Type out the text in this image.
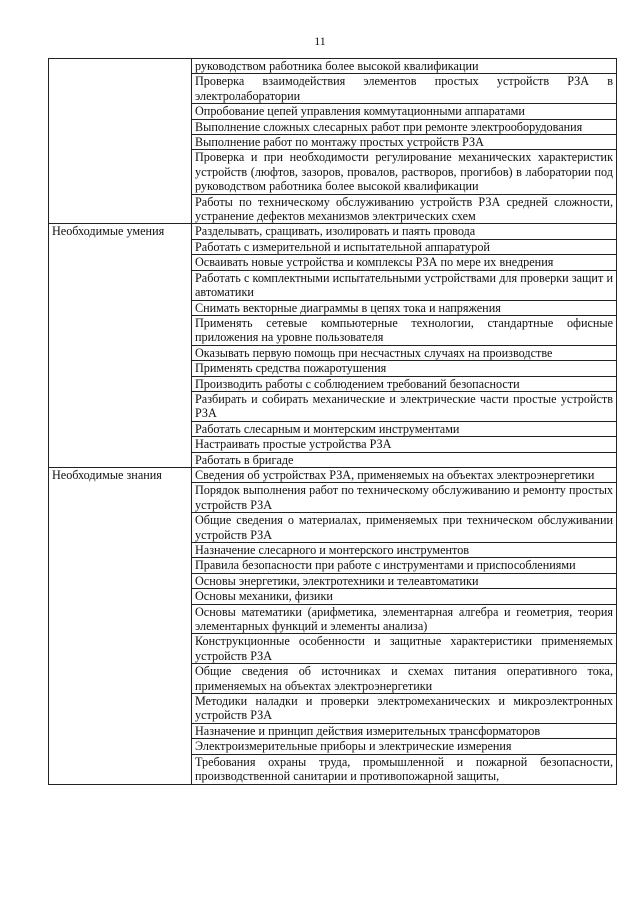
11
	руководством работника более высокой квалификации
	Проверка взаимодействия элементов простых устройств РЗА в электролаборатории
	Опробование цепей управления коммутационными аппаратами
	Выполнение сложных слесарных работ при ремонте электрооборудования
	Выполнение работ по монтажу простых устройств РЗА
	Проверка и при необходимости регулирование механических характеристик устройств (люфтов, зазоров, провалов, растворов, прогибов) в лаборатории под руководством работника более высокой квалификации
	Работы по техническому обслуживанию устройств РЗА средней сложности, устранение дефектов механизмов электрических схем
Необходимые умения	Разделывать, сращивать, изолировать и паять провода
	Работать с измерительной и испытательной аппаратурой
	Осваивать новые устройства и комплексы РЗА по мере их внедрения
	Работать с комплектными испытательными устройствами для проверки защит и автоматики
	Снимать векторные диаграммы в цепях тока и напряжения
	Применять сетевые компьютерные технологии, стандартные офисные приложения на уровне пользователя
	Оказывать первую помощь при несчастных случаях на производстве
	Применять средства пожаротушения
	Производить работы с соблюдением требований безопасности
	Разбирать и собирать механические и электрические части простые устройств РЗА
	Работать слесарным и монтерским инструментами
	Настраивать простые устройства РЗА
	Работать в бригаде
Необходимые знания	Сведения об устройствах РЗА, применяемых на объектах электроэнергетики
	Порядок выполнения работ по техническому обслуживанию и ремонту простых устройств РЗА
	Общие сведения о материалах, применяемых при техническом обслуживании устройств РЗА
	Назначение слесарного и монтерского инструментов
	Правила безопасности при работе с инструментами и приспособлениями
	Основы энергетики, электротехники и телеавтоматики
	Основы механики, физики
	Основы математики (арифметика, элементарная алгебра и геометрия, теория элементарных функций и элементы анализа)
	Конструкционные особенности и защитные характеристики применяемых устройств РЗА
	Общие сведения об источниках и схемах питания оперативного тока, применяемых на объектах электроэнергетики
	Методики наладки и проверки электромеханических и микроэлектронных устройств РЗА
	Назначение и принцип действия измерительных трансформаторов
	Электроизмерительные приборы и электрические измерения
	Требования охраны труда, промышленной и пожарной безопасности, производственной санитарии и противопожарной защиты,
